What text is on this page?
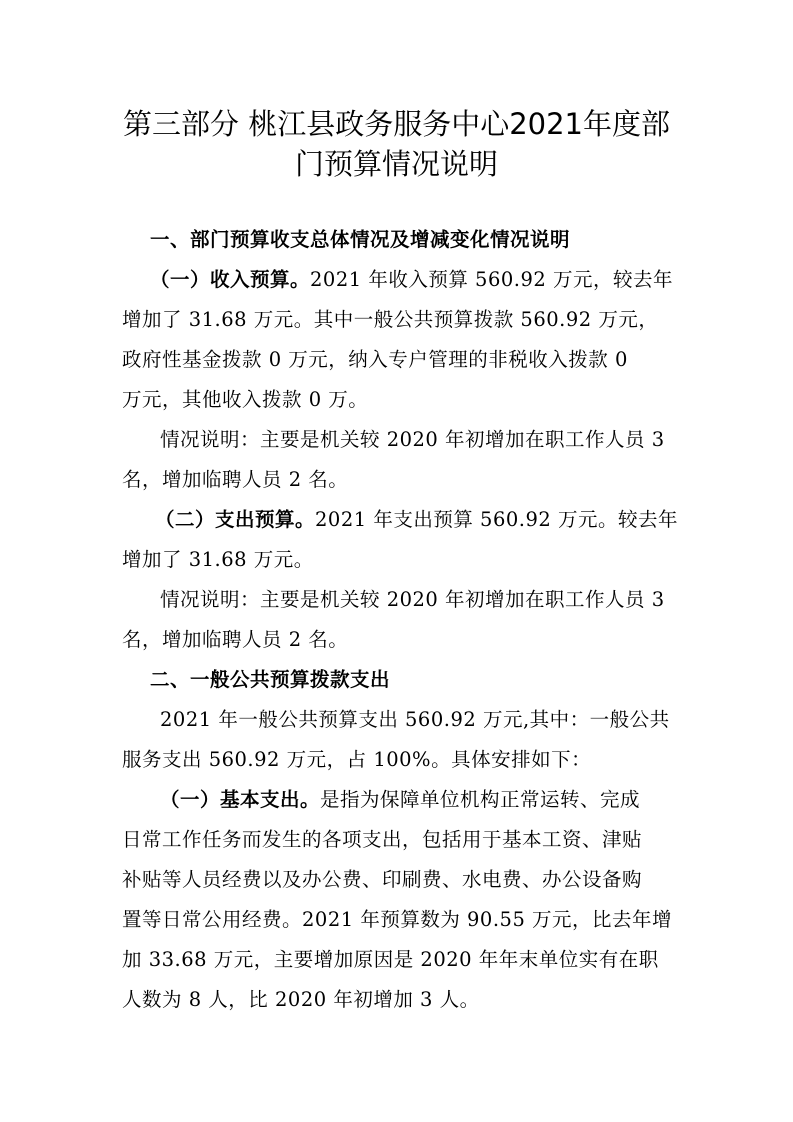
第三部分 桃江县政务服务中心2021年度部
门预算情况说明
一、部门预算收支总体情况及增减变化情况说明
（一）收入预算。2021 年收入预算 560.92 万元，较去年
增加了 31.68 万元。其中一般公共预算拨款 560.92 万元，
政府性基金拨款 0 万元，纳入专户管理的非税收入拨款 0
万元，其他收入拨款 0 万。
情况说明：主要是机关较 2020 年初增加在职工作人员 3
名，增加临聘人员 2 名。
（二）支出预算。2021 年支出预算 560.92 万元。较去年
增加了 31.68 万元。
情况说明：主要是机关较 2020 年初增加在职工作人员 3
名，增加临聘人员 2 名。
二、一般公共预算拨款支出
2021 年一般公共预算支出 560.92 万元,其中：一般公共
服务支出 560.92 万元，占 100%。具体安排如下：
（一）基本支出。是指为保障单位机构正常运转、完成
日常工作任务而发生的各项支出，包括用于基本工资、津贴
补贴等人员经费以及办公费、印刷费、水电费、办公设备购
置等日常公用经费。2021 年预算数为 90.55 万元，比去年增
加 33.68 万元，主要增加原因是 2020 年年末单位实有在职
人数为 8 人，比 2020 年初增加 3 人。
